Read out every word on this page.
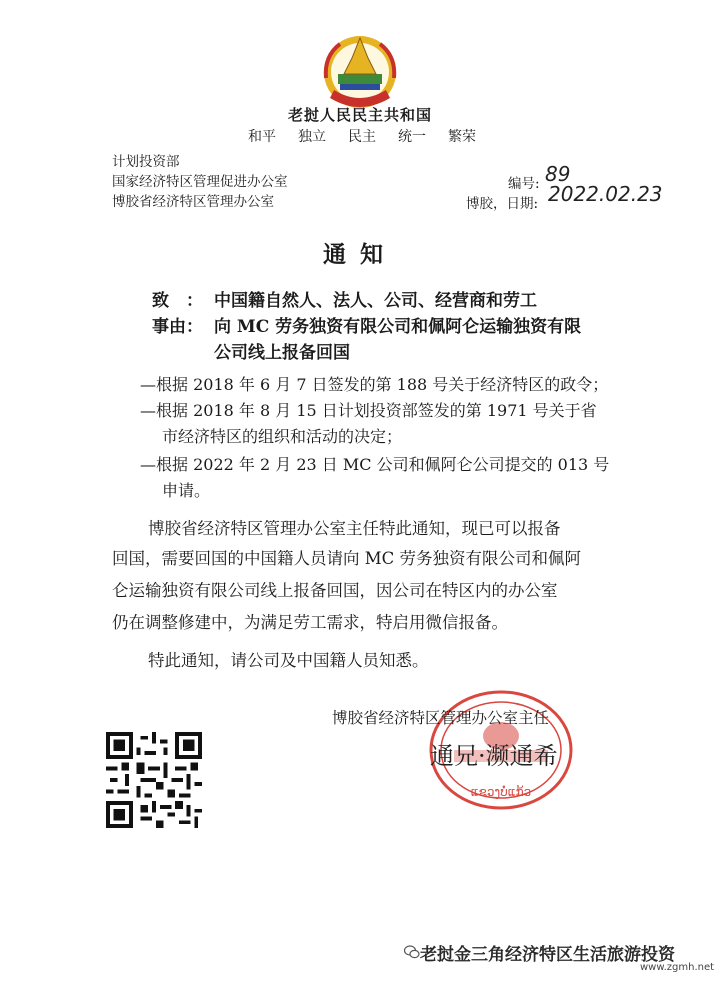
老挝人民民主共和国
和平 独立 民主 统一 繁荣
计划投资部
国家经济特区管理促进办公室
博胶省经济特区管理办公室
编号: 89
博胶，日期: 2022.02.23
通知
致　： 中国籍自然人、法人、公司、经营商和劳工
事由： 向 MC 劳务独资有限公司和佩阿仑运输独资有限
公司线上报备回国
—根据 2018 年 6 月 7 日签发的第 188 号关于经济特区的政令；
—根据 2018 年 8 月 15 日计划投资部签发的第 1971 号关于省
市经济特区的组织和活动的决定；
—根据 2022 年 2 月 23 日 MC 公司和佩阿仑公司提交的 013 号
申请。
博胶省经济特区管理办公室主任特此通知，现已可以报备
回国，需要回国的中国籍人员请向 MC 劳务独资有限公司和佩阿
仑运输独资有限公司线上报备回国，因公司在特区内的办公室
仍在调整修建中，为满足劳工需求，特启用微信报备。
特此通知，请公司及中国籍人员知悉。
ແຂວງບໍ່ແກ້ວ
博胶省经济特区管理办公室主任
通兄·濒通希
老挝金三角经济特区生活旅游投资
www.zgmh.net
